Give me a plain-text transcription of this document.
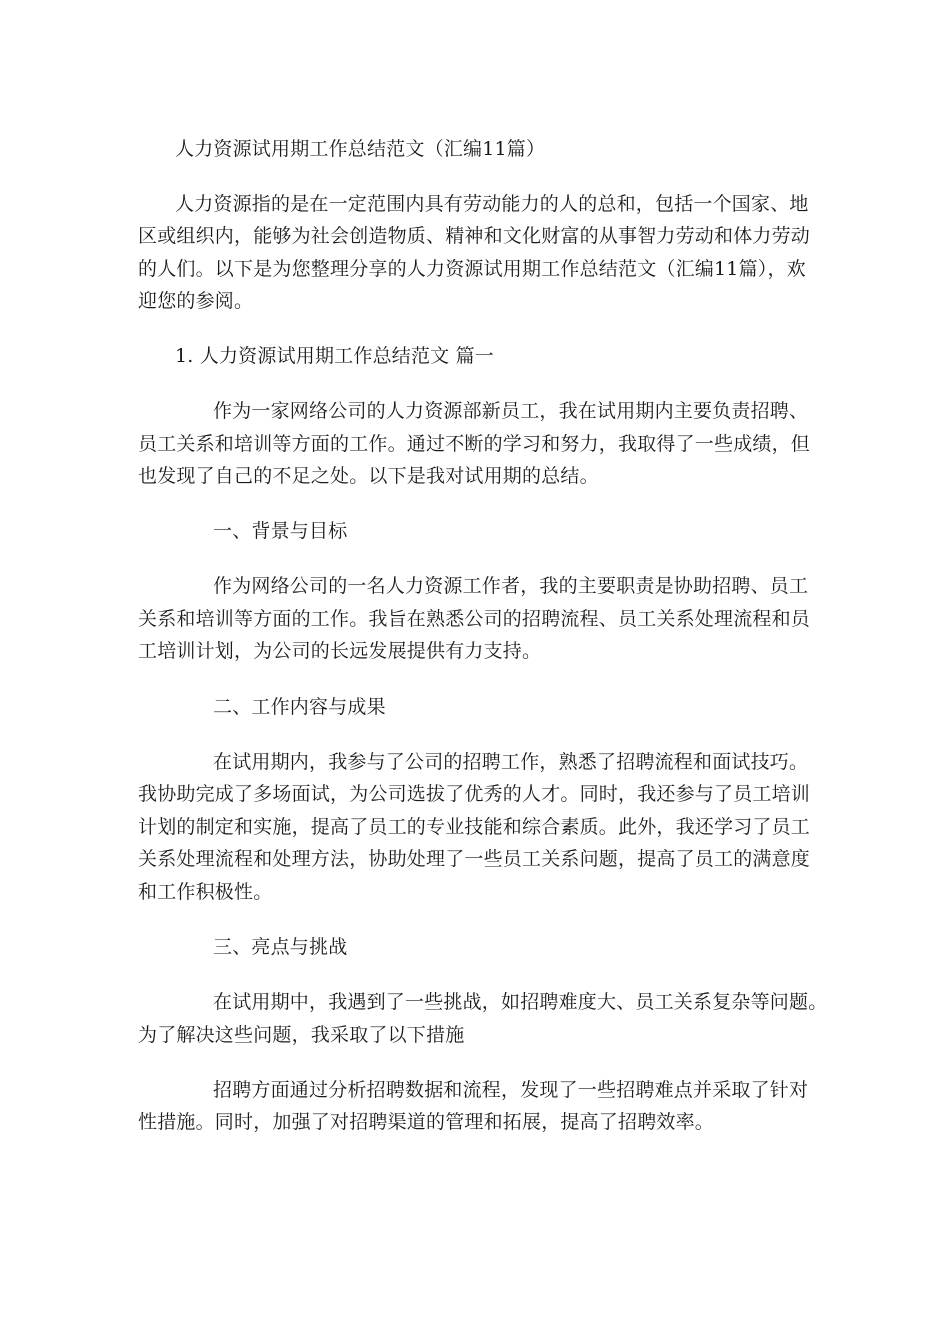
人力资源试用期工作总结范文（汇编11篇）
人力资源指的是在一定范围内具有劳动能力的人的总和，包括一个国家、地
区或组织内，能够为社会创造物质、精神和文化财富的从事智力劳动和体力劳动
的人们。以下是为您整理分享的人力资源试用期工作总结范文（汇编11篇），欢
迎您的参阅。
1. 人力资源试用期工作总结范文 篇一
作为一家网络公司的人力资源部新员工，我在试用期内主要负责招聘、
员工关系和培训等方面的工作。通过不断的学习和努力，我取得了一些成绩，但
也发现了自己的不足之处。以下是我对试用期的总结。
一、背景与目标
作为网络公司的一名人力资源工作者，我的主要职责是协助招聘、员工
关系和培训等方面的工作。我旨在熟悉公司的招聘流程、员工关系处理流程和员
工培训计划，为公司的长远发展提供有力支持。
二、工作内容与成果
在试用期内，我参与了公司的招聘工作，熟悉了招聘流程和面试技巧。
我协助完成了多场面试，为公司选拔了优秀的人才。同时，我还参与了员工培训
计划的制定和实施，提高了员工的专业技能和综合素质。此外，我还学习了员工
关系处理流程和处理方法，协助处理了一些员工关系问题，提高了员工的满意度
和工作积极性。
三、亮点与挑战
在试用期中，我遇到了一些挑战，如招聘难度大、员工关系复杂等问题。
为了解决这些问题，我采取了以下措施
招聘方面通过分析招聘数据和流程，发现了一些招聘难点并采取了针对
性措施。同时，加强了对招聘渠道的管理和拓展，提高了招聘效率。
